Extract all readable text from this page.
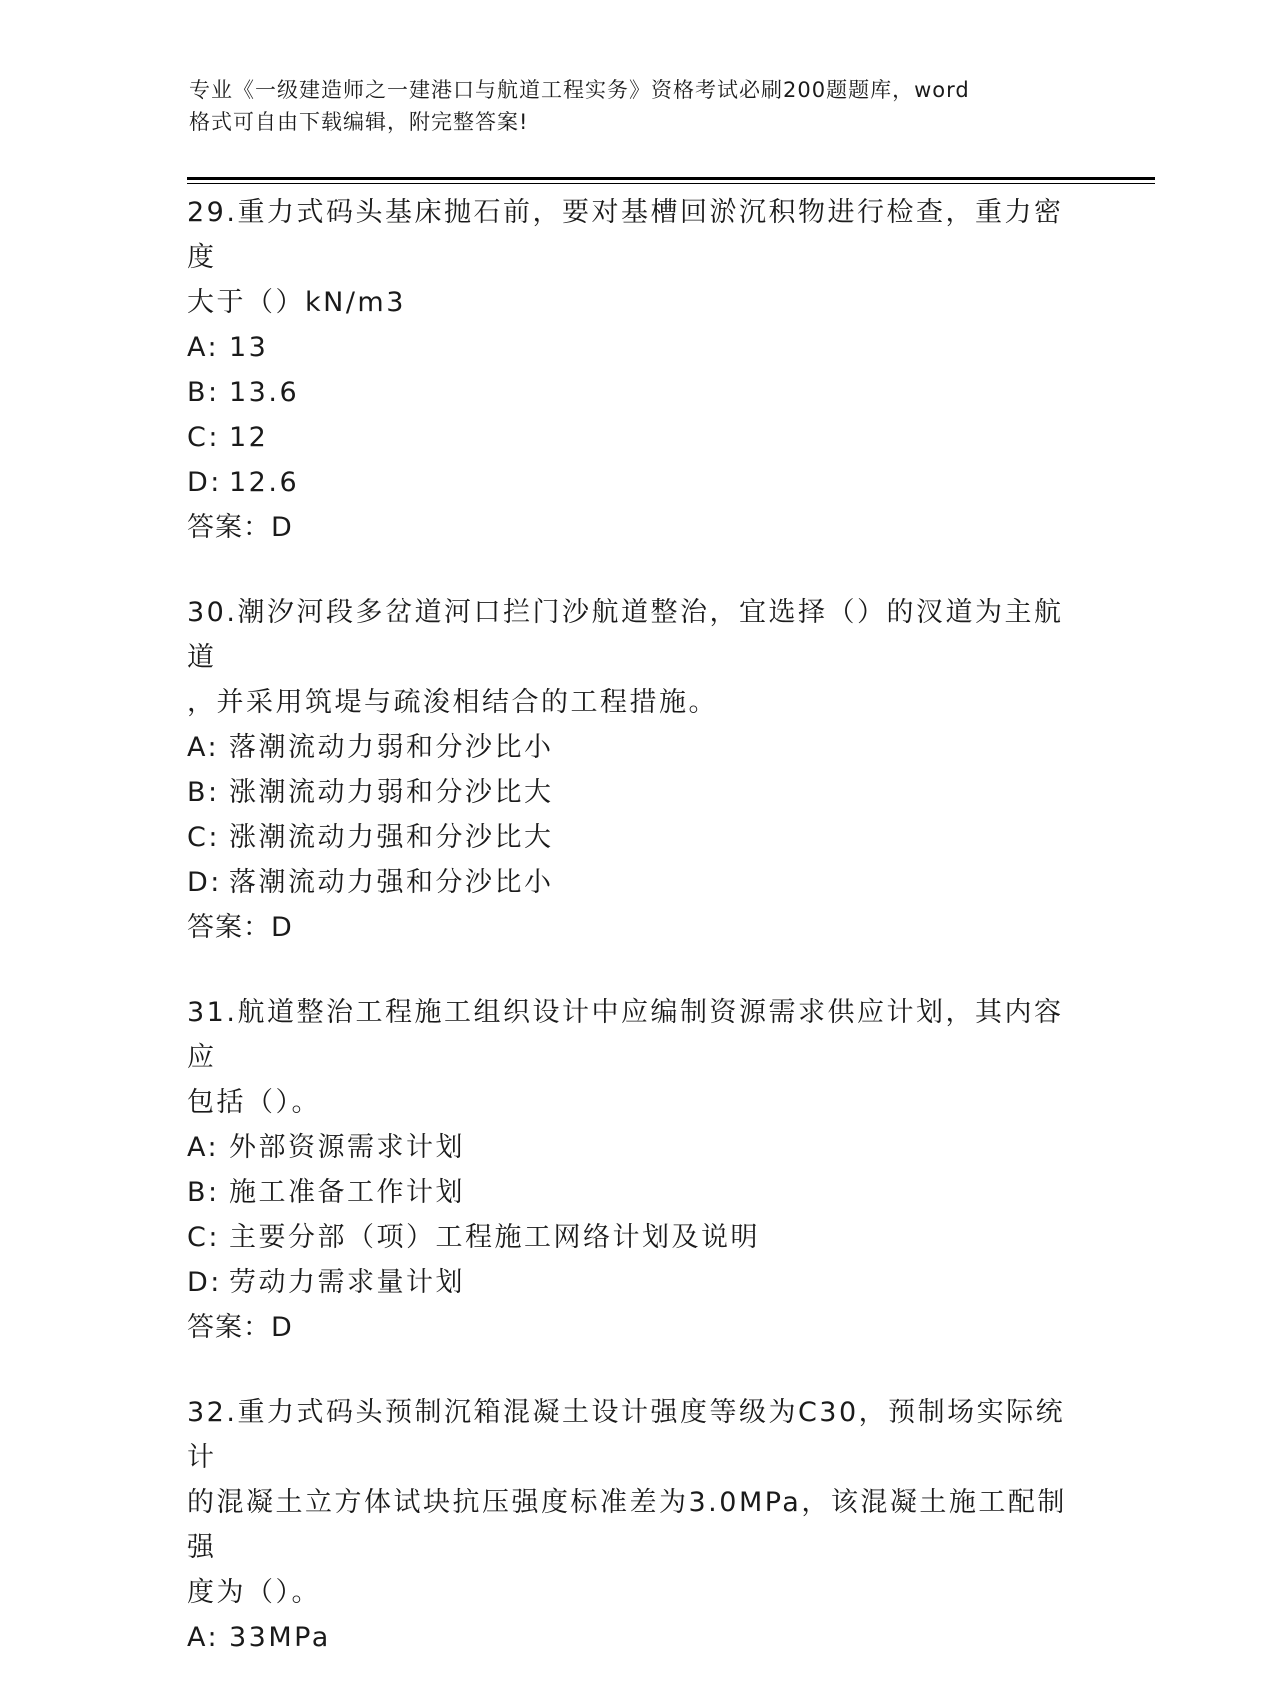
专业《一级建造师之一建港口与航道工程实务》资格考试必刷200题题库，word
格式可自由下载编辑，附完整答案!
29.重力式码头基床抛石前，要对基槽回淤沉积物进行检查，重力密度
大于（）kN/m3
A: 13
B: 13.6
C: 12
D: 12.6
答案：D
30.潮汐河段多岔道河口拦门沙航道整治，宜选择（）的汊道为主航道
，并采用筑堤与疏浚相结合的工程措施。
A: 落潮流动力弱和分沙比小
B: 涨潮流动力弱和分沙比大
C: 涨潮流动力强和分沙比大
D: 落潮流动力强和分沙比小
答案：D
31.航道整治工程施工组织设计中应编制资源需求供应计划，其内容应
包括（）。
A: 外部资源需求计划
B: 施工准备工作计划
C: 主要分部（项）工程施工网络计划及说明
D: 劳动力需求量计划
答案：D
32.重力式码头预制沉箱混凝土设计强度等级为C30，预制场实际统计
的混凝土立方体试块抗压强度标准差为3.0MPa，该混凝土施工配制强
度为（）。
A: 33MPa
